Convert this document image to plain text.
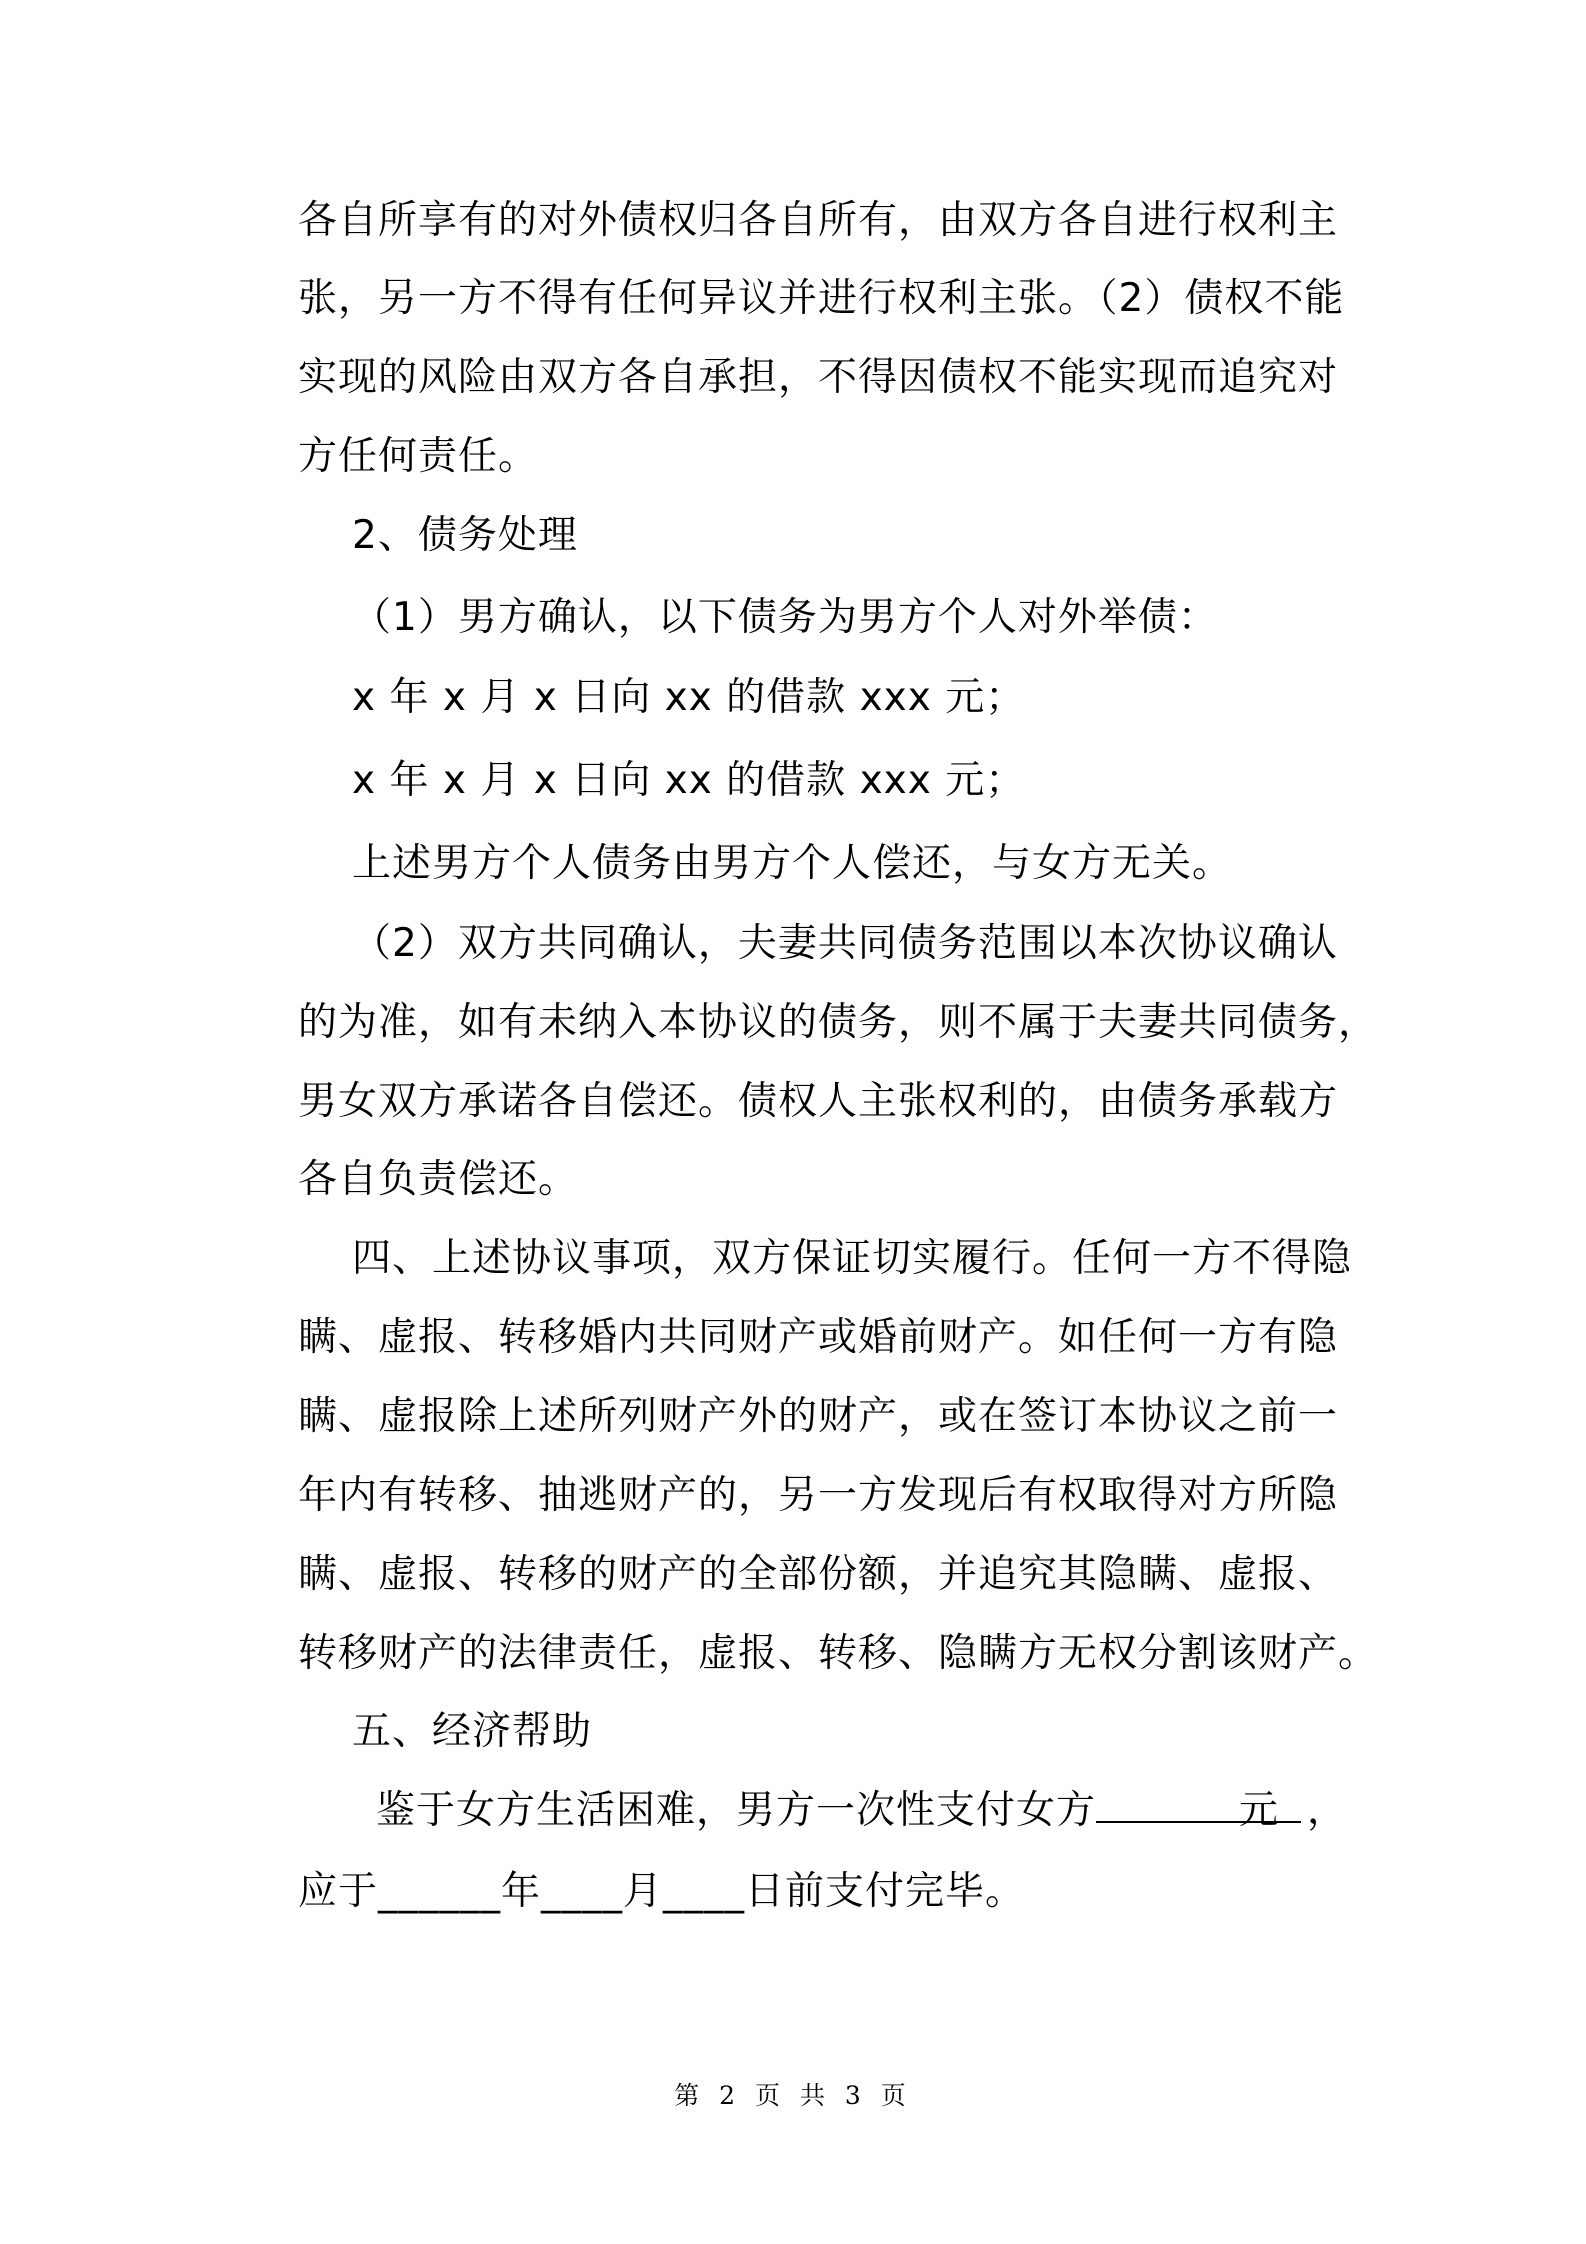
各自所享有的对外债权归各自所有，由双方各自进行权利主
张，另一方不得有任何异议并进行权利主张。（2）债权不能
实现的风险由双方各自承担，不得因债权不能实现而追究对
方任何责任。
2、债务处理
（1）男方确认，以下债务为男方个人对外举债：
x 年 x 月 x 日向 xx 的借款 xxx 元；
x 年 x 月 x 日向 xx 的借款 xxx 元；
上述男方个人债务由男方个人偿还，与女方无关。
（2）双方共同确认，夫妻共同债务范围以本次协议确认
的为准，如有未纳入本协议的债务，则不属于夫妻共同债务，
男女双方承诺各自偿还。债权人主张权利的，由债务承载方
各自负责偿还。
四、上述协议事项，双方保证切实履行。任何一方不得隐
瞒、虚报、转移婚内共同财产或婚前财产。如任何一方有隐
瞒、虚报除上述所列财产外的财产，或在签订本协议之前一
年内有转移、抽逃财产的，另一方发现后有权取得对方所隐
瞒、虚报、转移的财产的全部份额，并追究其隐瞒、虚报、
转移财产的法律责任，虚报、转移、隐瞒方无权分割该财产。
五、经济帮助
鉴于女方生活困难，男方一次性支付女方	元 ，
应于______年____月____日前支付完毕。
第 2 页 共 3 页
